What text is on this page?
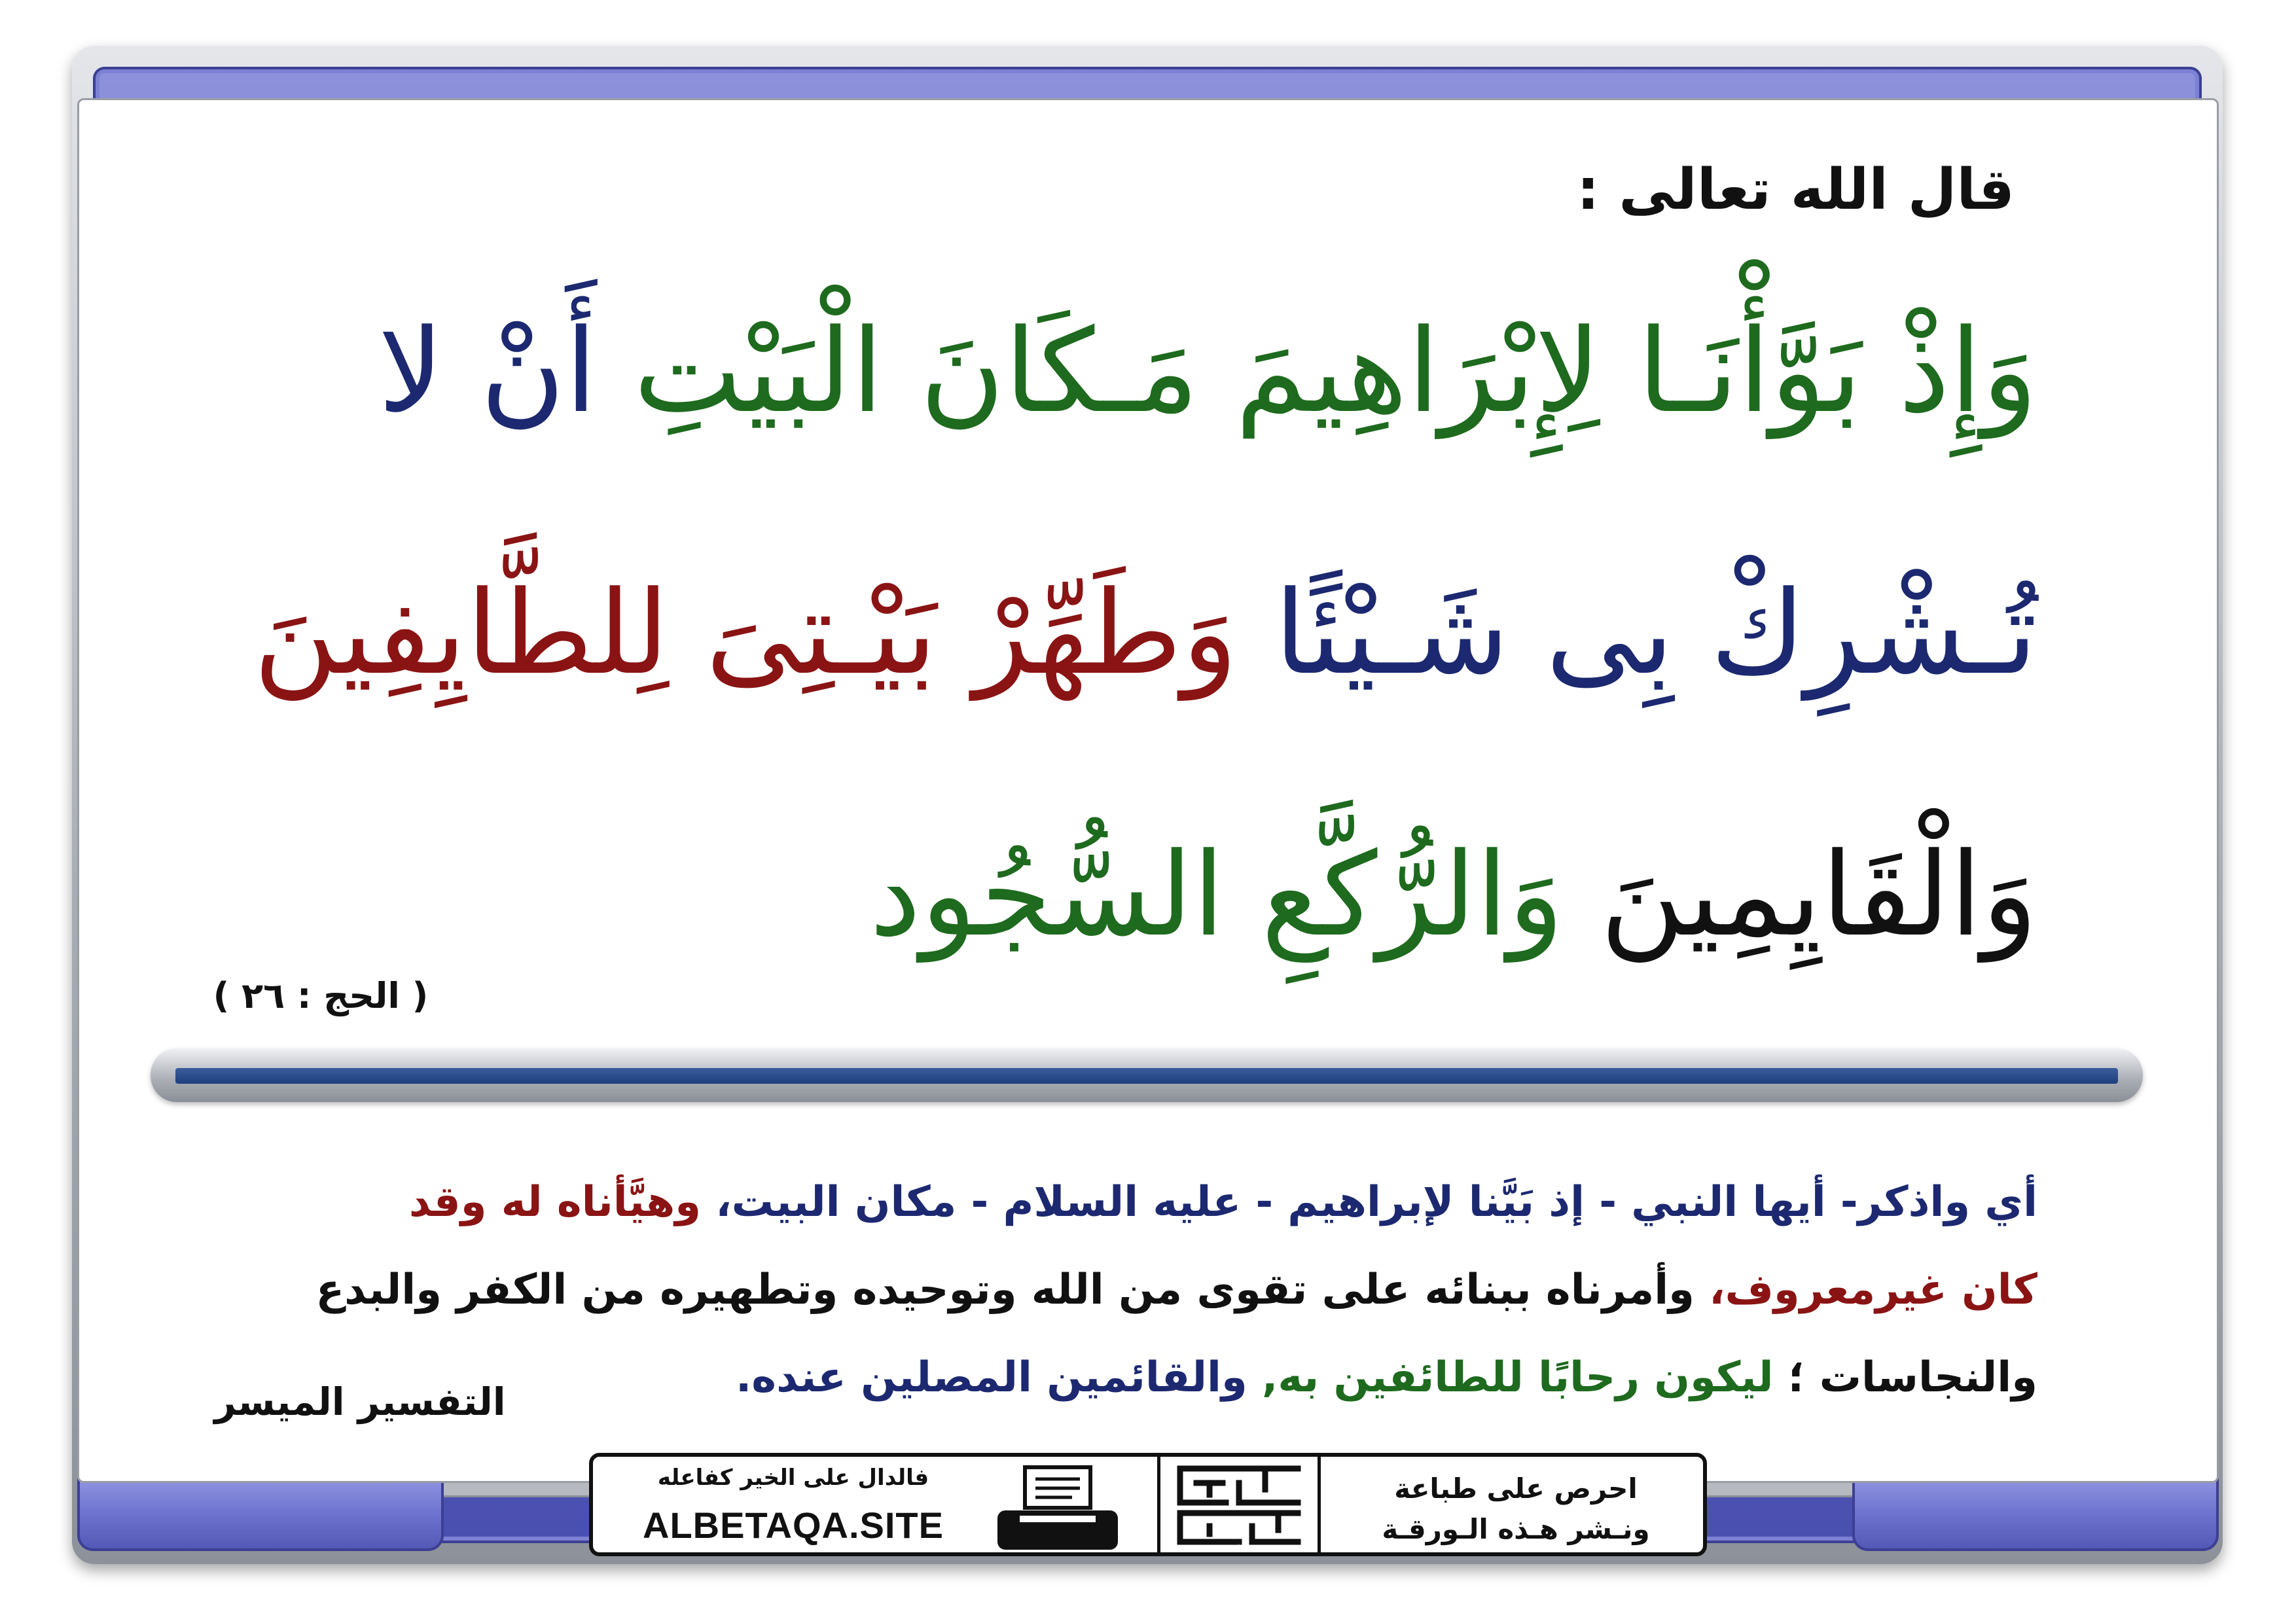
قال الله تعالى :
وَإِذْ بَوَّأْنَـا لِإِبْرَاهِيمَ مَـكَانَ الْبَيْتِ أَنْ لا
تُـشْرِكْ بِى شَـيْئًا وَطَهِّرْ بَيْـتِىَ لِلطَّايِفِينَ
وَالْقَايِمِينَ وَالرُّكَّعِ السُّجُود
( الحج : ٢٦ )
أي واذكر- أيها النبي - إذ بَيَّنا لإبراهيم - عليه السلام - مكان البيت، وهيَّأناه له وقد
كان غيرمعروف، وأمرناه ببنائه على تقوى من الله وتوحيده وتطهيره من الكفر والبدع
والنجاسات ؛ ليكون رحابًا للطائفين به, والقائمين المصلين عنده.
التفسير الميسر
فالدال على الخير كفاعله
ALBETAQA.SITE
دعوتنا
الورقة
احرص على طباعة
ونـشر هـذه الـورقـة
